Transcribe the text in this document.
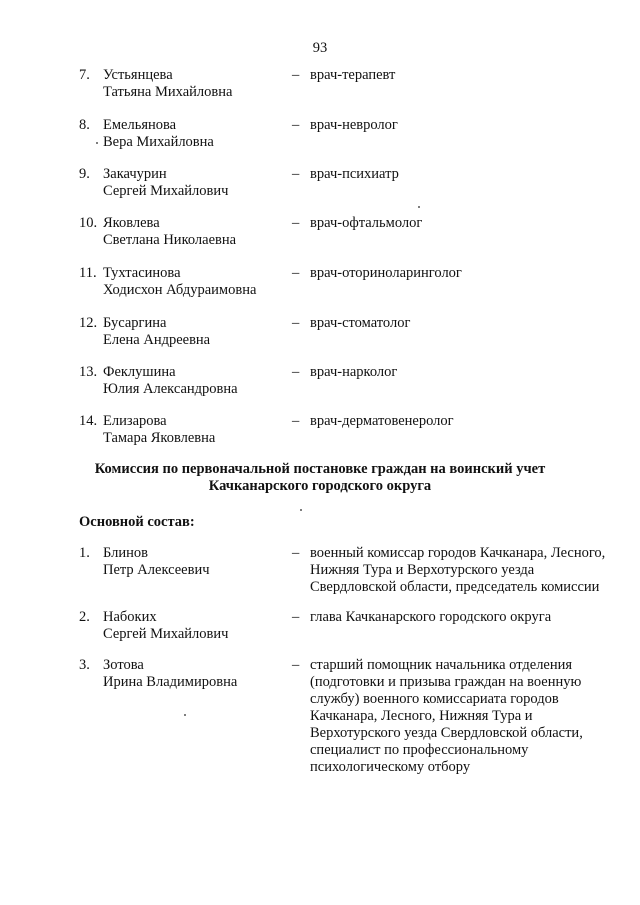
93
7. Устьянцева
Татьяна Михайловна
– врач-терапевт
8. Емельянова
Вера Михайловна
– врач-невролог
9. Закачурин
Сергей Михайлович
– врач-психиатр
10. Яковлева
Светлана Николаевна
– врач-офтальмолог
11. Тухтасинова
Ходисхон Абдураимовна
– врач-оториноларинголог
12. Бусаргина
Елена Андреевна
– врач-стоматолог
13. Феклушина
Юлия Александровна
– врач-нарколог
14. Елизарова
Тамара Яковлевна
– врач-дерматовенеролог
Комиссия по первоначальной постановке граждан на воинский учет
Качканарского городского округа
Основной состав:
1. Блинов
Петр Алексеевич
– военный комиссар городов Качканара, Лесного,
Нижняя Тура и Верхотурского уезда
Свердловской области, председатель комиссии
2. Набоких
Сергей Михайлович
– глава Качканарского городского округа
3. Зотова
Ирина Владимировна
– старший помощник начальника отделения
(подготовки и призыва граждан на военную
службу) военного комиссариата городов
Качканара, Лесного, Нижняя Тура и
Верхотурского уезда Свердловской области,
специалист по профессиональному
психологическому отбору
